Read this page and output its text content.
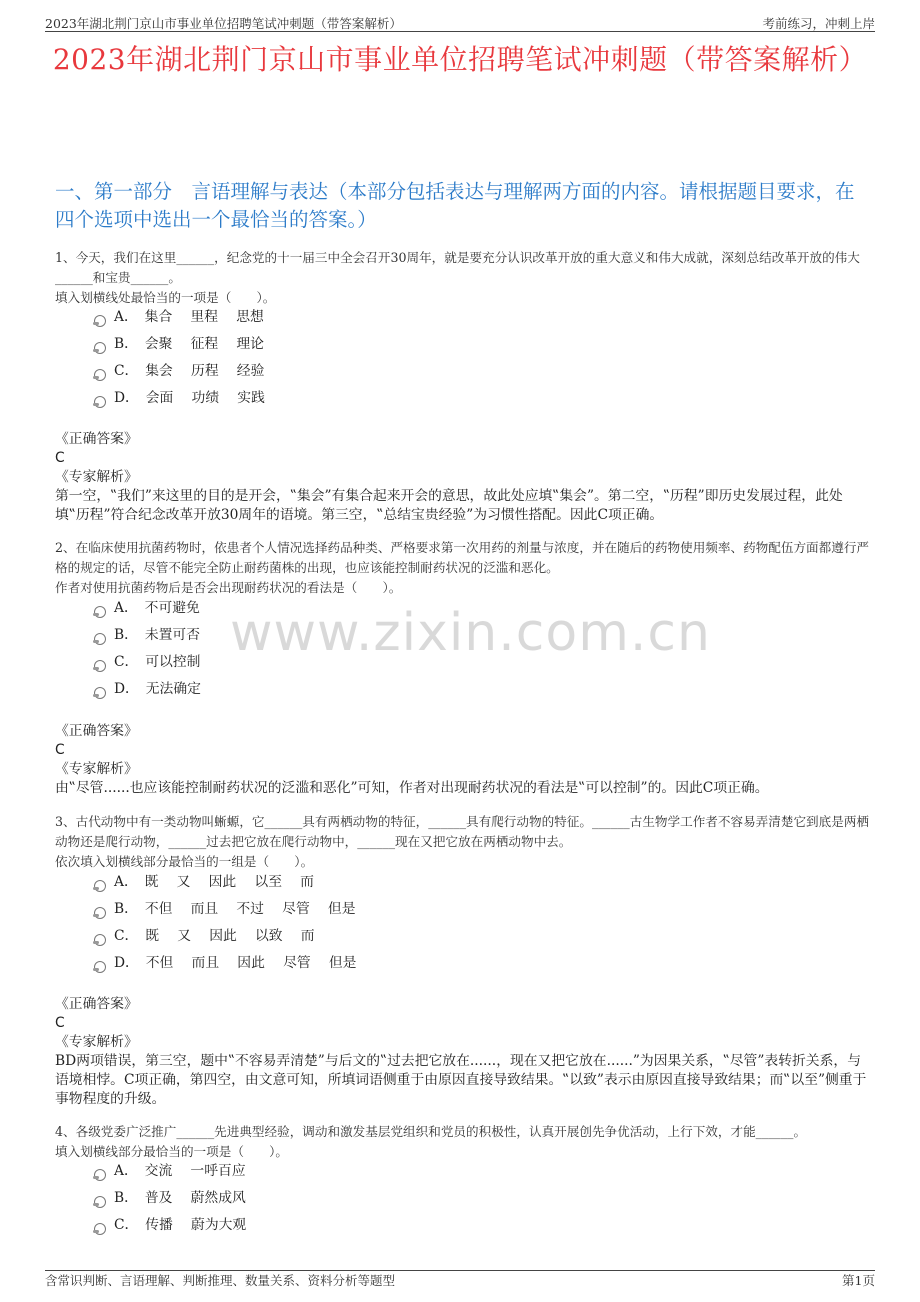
2023年湖北荆门京山市事业单位招聘笔试冲刺题（带答案解析）	考前练习，冲刺上岸
2023年湖北荆门京山市事业单位招聘笔试冲刺题（带答案解析）
一、第一部分　言语理解与表达（本部分包括表达与理解两方面的内容。请根据题目要求，在四个选项中选出一个最恰当的答案。）
www.zixin.com.cn

1、今天，我们在这里______，纪念党的十一届三中全会召开30周年，就是要充分认识改革开放的重大意义和伟大成就，深刻总结改革开放的伟大______和宝贵______。

填入划横线处最恰当的一项是（　　）。

A．　集合　 里程　 思想
B．　会聚　 征程　 理论
C．　集会　 历程　 经验
D．　会面　 功绩　 实践

《正确答案》

C

《专家解析》

第一空，‟我们”来这里的目的是开会，‟集会”有集合起来开会的意思，故此处应填‟集会”。第二空，‟历程”即历史发展过程，此处填‟历程”符合纪念改革开放30周年的语境。第三空，‟总结宝贵经验”为习惯性搭配。因此C项正确。

2、在临床使用抗菌药物时，依患者个人情况选择药品种类、严格要求第一次用药的剂量与浓度，并在随后的药物使用频率、药物配伍方面都遵行严格的规定的话，尽管不能完全防止耐药菌株的出现，也应该能控制耐药状况的泛滥和恶化。

作者对使用抗菌药物后是否会出现耐药状况的看法是（　　）。

A．　不可避免
B．　未置可否
C．　可以控制
D．　无法确定

《正确答案》

C

《专家解析》

由‟尽管......也应该能控制耐药状况的泛滥和恶化”可知，作者对出现耐药状况的看法是‟可以控制”的。因此C项正确。

3、古代动物中有一类动物叫蜥螈，它______具有两栖动物的特征，______具有爬行动物的特征。______古生物学工作者不容易弄清楚它到底是两栖动物还是爬行动物，______过去把它放在爬行动物中，______现在又把它放在两栖动物中去。

依次填入划横线部分最恰当的一组是（　　）。

A．　既　 又　 因此　 以至　 而
B．　不但　 而且　 不过　 尽管　 但是
C．　既　 又　 因此　 以致　 而
D．　不但　 而且　 因此　 尽管　 但是

《正确答案》

C

《专家解析》

BD两项错误，第三空，题中‟不容易弄清楚”与后文的‟过去把它放在......，现在又把它放在......”为因果关系，‟尽管”表转折关系，与语境相悖。C项正确，第四空，由文意可知，所填词语侧重于由原因直接导致结果。‟以致”表示由原因直接导致结果；而‟以至”侧重于事物程度的升级。

4、各级党委广泛推广______先进典型经验，调动和激发基层党组织和党员的积极性，认真开展创先争优活动，上行下效，才能______。

填入划横线部分最恰当的一项是（　　）。

A．　交流　 一呼百应
B．　普及　 蔚然成风
C．　传播　 蔚为大观
含常识判断、言语理解、判断推理、数量关系、资料分析等题型	第1页
